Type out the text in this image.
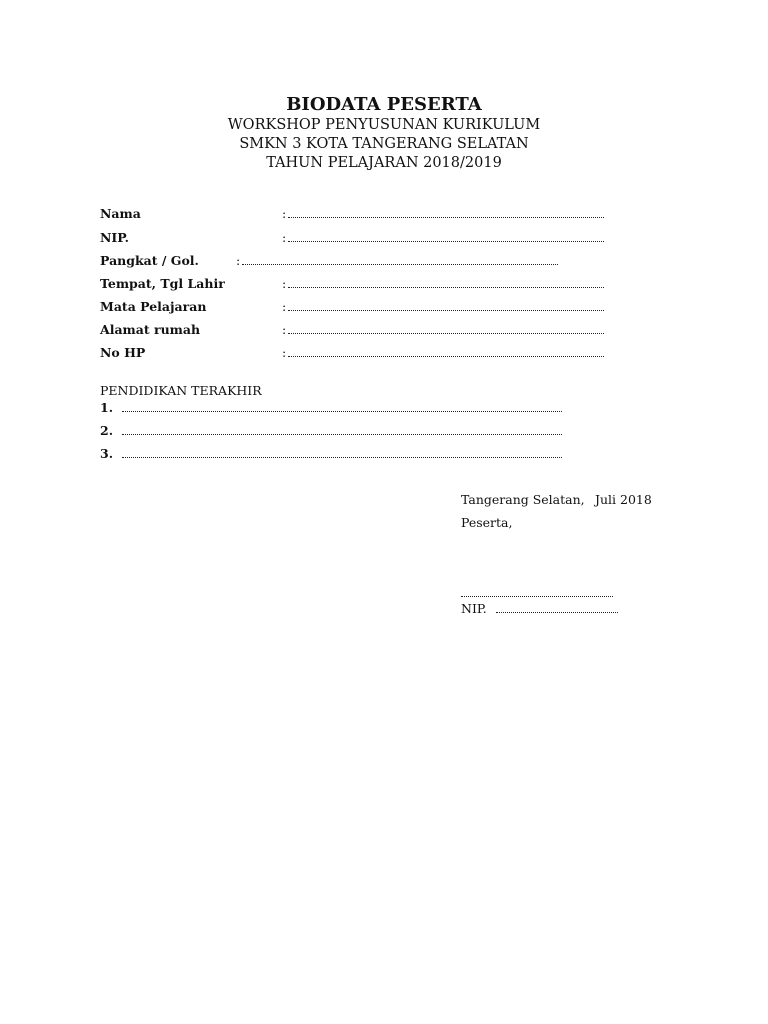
BIODATA PESERTA
WORKSHOP PENYUSUNAN KURIKULUM
SMKN 3 KOTA TANGERANG SELATAN
TAHUN PELAJARAN 2018/2019
Nama	:
NIP.	:
Pangkat / Gol.	:
Tempat, Tgl Lahir	:
Mata Pelajaran	:
Alamat rumah	:
No HP	:
PENDIDIKAN TERAKHIR
1.
2.
3.
Tangerang Selatan, Juli 2018
Peserta,
NIP.
